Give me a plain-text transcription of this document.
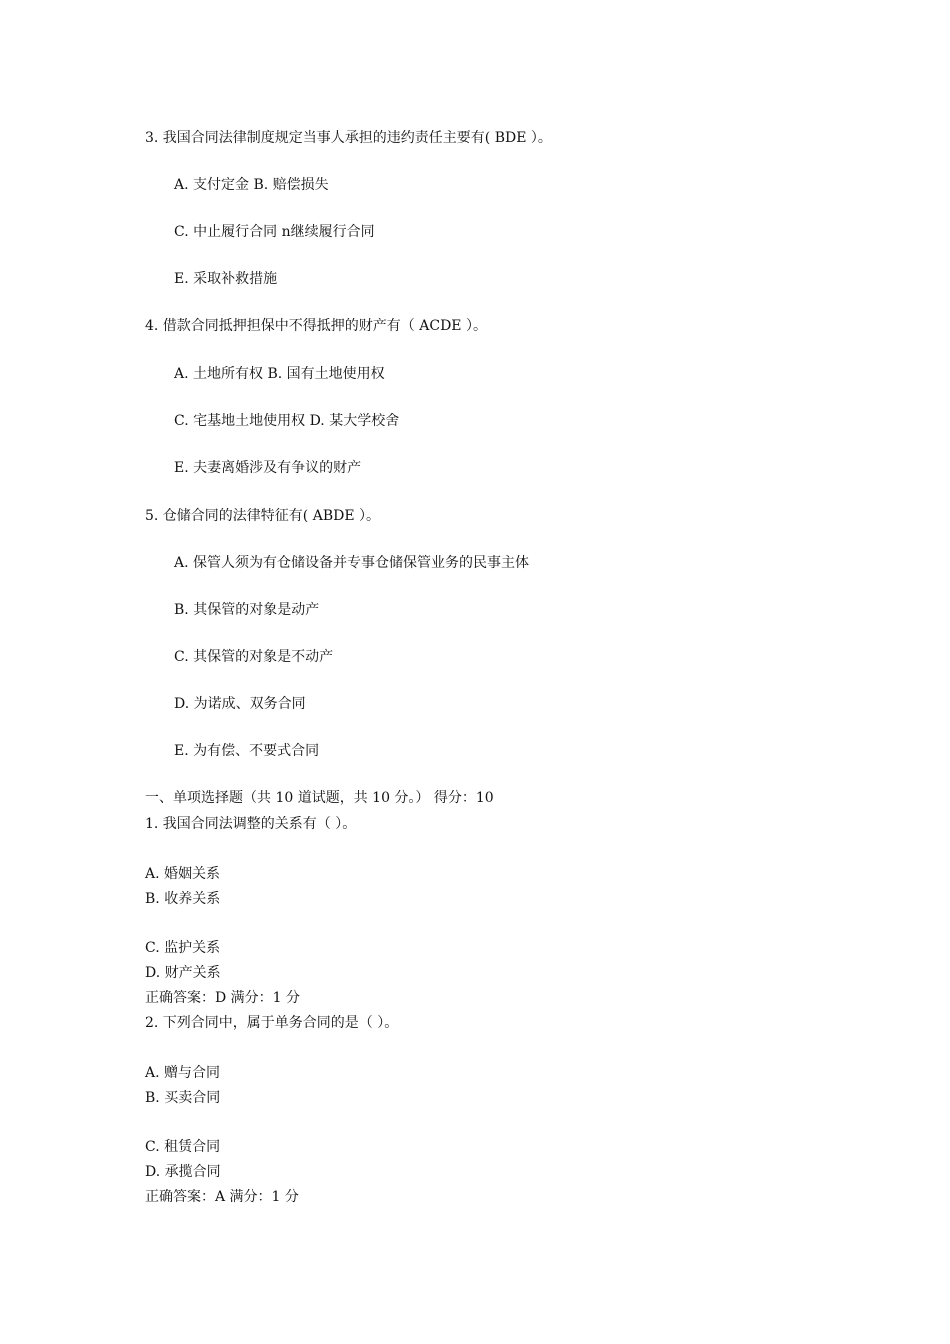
3. 我国合同法律制度规定当事人承担的违约责任主要有( BDE ）。

A. 支付定金 B. 赔偿损失

C. 中止履行合同 n继续履行合同

E. 采取补救措施

4. 借款合同抵押担保中不得抵押的财产有（ ACDE ）。

A. 土地所有权 B. 国有土地使用权

C. 宅基地土地使用权 D. 某大学校舍

E. 夫妻离婚涉及有争议的财产

5. 仓储合同的法律特征有( ABDE ）。

A. 保管人须为有仓储设备并专事仓储保管业务的民事主体

B. 其保管的对象是动产

C. 其保管的对象是不动产

D. 为诺成、双务合同

E. 为有偿、不要式合同

一、单项选择题（共 10 道试题，共 10 分。） 得分：10

1. 我国合同法调整的关系有（ ）。

A. 婚姻关系

B. 收养关系

C. 监护关系

D. 财产关系

正确答案：D 满分：1 分

2. 下列合同中，属于单务合同的是（ ）。

A. 赠与合同

B. 买卖合同

C. 租赁合同

D. 承揽合同

正确答案：A 满分：1 分
